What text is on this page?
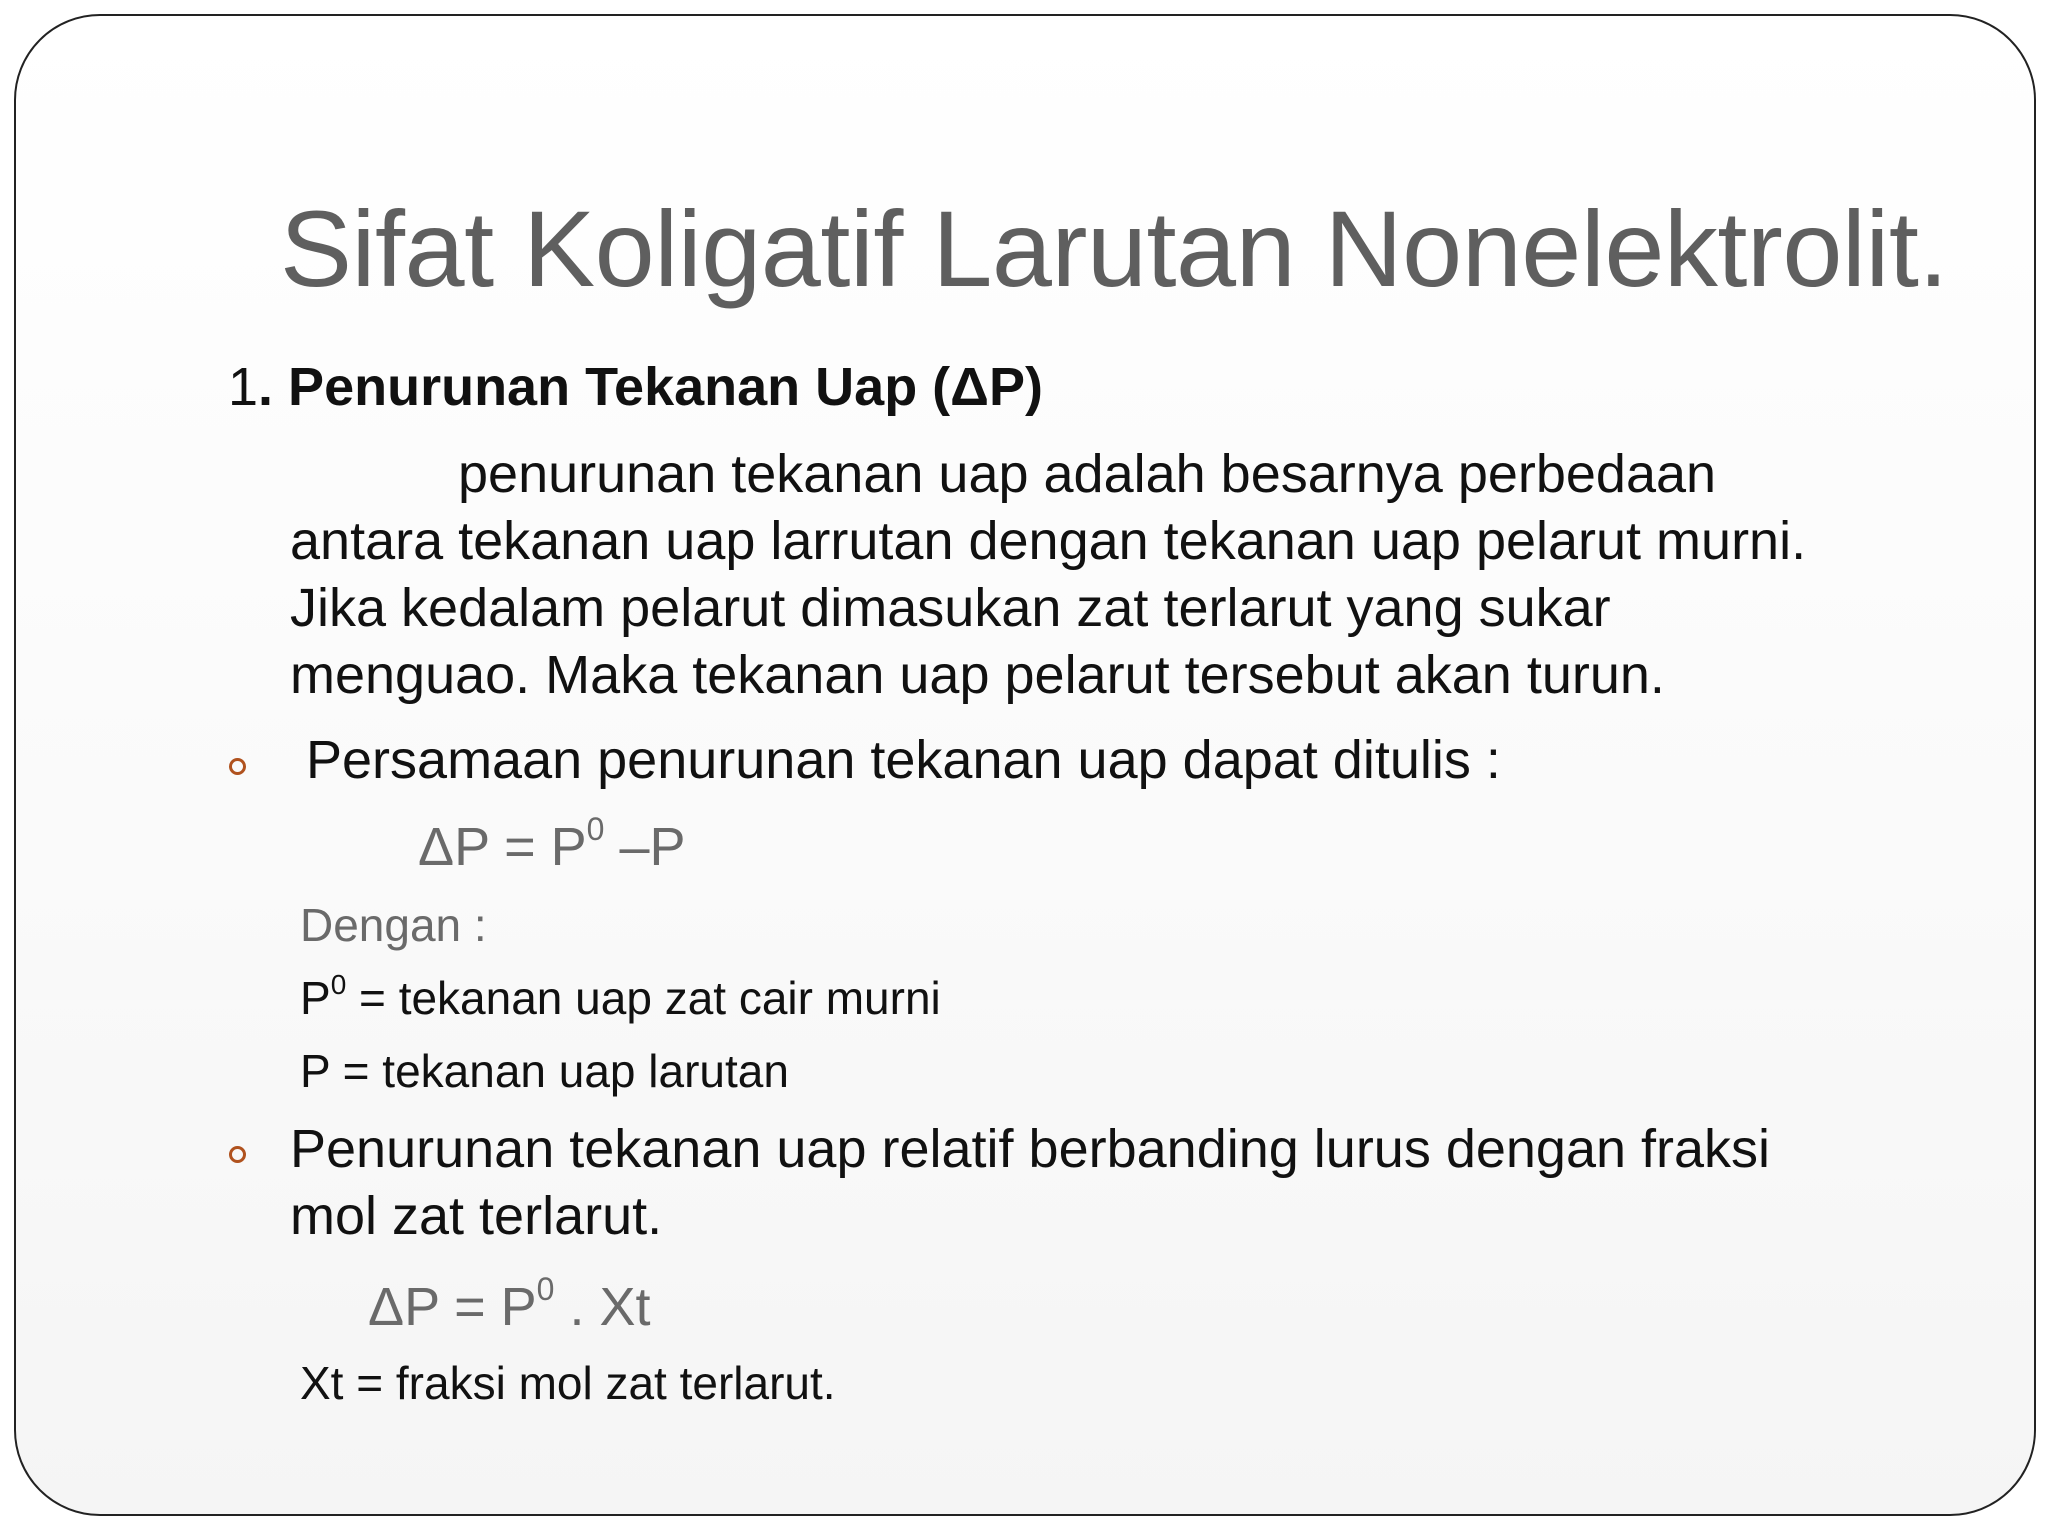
Sifat Koligatif Larutan Nonelektrolit.
1. Penurunan Tekanan Uap (ΔP)
penurunan tekanan uap adalah besarnya perbedaan
antara tekanan uap larrutan dengan tekanan uap pelarut murni.
Jika kedalam pelarut dimasukan zat terlarut yang sukar
menguao. Maka tekanan uap pelarut tersebut akan turun.
Persamaan penurunan tekanan uap dapat ditulis :
$\Delta P = P^0$ –P
Dengan :
$P^0$ = tekanan uap zat cair murni
P = tekanan uap larutan
Penurunan tekanan uap relatif berbanding lurus dengan fraksi
mol zat terlarut.
$\Delta P = P^0$ . Xt
Xt = fraksi mol zat terlarut.
